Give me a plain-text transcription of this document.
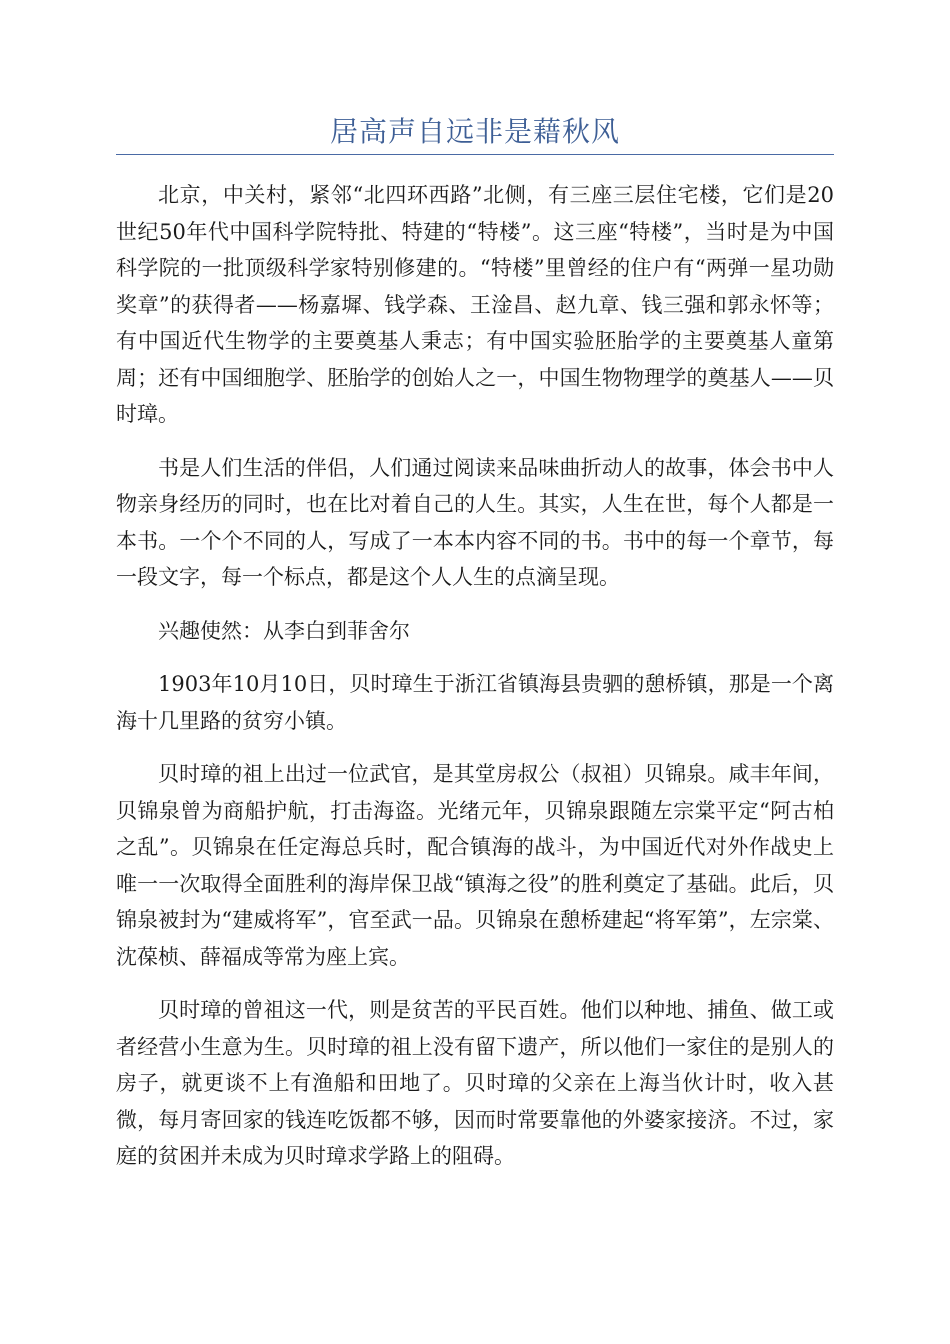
居高声自远非是藉秋风

北京，中关村，紧邻“北四环西路”北侧，有三座三层住宅楼，它们是20世纪50年代中国科学院特批、特建的“特楼”。这三座“特楼”，当时是为中国科学院的一批顶级科学家特别修建的。“特楼”里曾经的住户有“两弹一星功勋奖章”的获得者——杨嘉墀、钱学森、王淦昌、赵九章、钱三强和郭永怀等；有中国近代生物学的主要奠基人秉志；有中国实验胚胎学的主要奠基人童第周；还有中国细胞学、胚胎学的创始人之一，中国生物物理学的奠基人——贝时璋。

书是人们生活的伴侣，人们通过阅读来品味曲折动人的故事，体会书中人物亲身经历的同时，也在比对着自己的人生。其实，人生在世，每个人都是一本书。一个个不同的人，写成了一本本内容不同的书。书中的每一个章节，每一段文字，每一个标点，都是这个人人生的点滴呈现。

兴趣使然：从李白到菲舍尔

1903年10月10日，贝时璋生于浙江省镇海县贵驷的憩桥镇，那是一个离海十几里路的贫穷小镇。

贝时璋的祖上出过一位武官，是其堂房叔公（叔祖）贝锦泉。咸丰年间，贝锦泉曾为商船护航，打击海盗。光绪元年，贝锦泉跟随左宗棠平定“阿古柏之乱”。贝锦泉在任定海总兵时，配合镇海的战斗，为中国近代对外作战史上唯一一次取得全面胜利的海岸保卫战“镇海之役”的胜利奠定了基础。此后，贝锦泉被封为“建威将军”，官至武一品。贝锦泉在憩桥建起“将军第”，左宗棠、沈葆桢、薛福成等常为座上宾。

贝时璋的曾祖这一代，则是贫苦的平民百姓。他们以种地、捕鱼、做工或者经营小生意为生。贝时璋的祖上没有留下遗产，所以他们一家住的是别人的房子，就更谈不上有渔船和田地了。贝时璋的父亲在上海当伙计时，收入甚微，每月寄回家的钱连吃饭都不够，因而时常要靠他的外婆家接济。不过，家庭的贫困并未成为贝时璋求学路上的阻碍。
